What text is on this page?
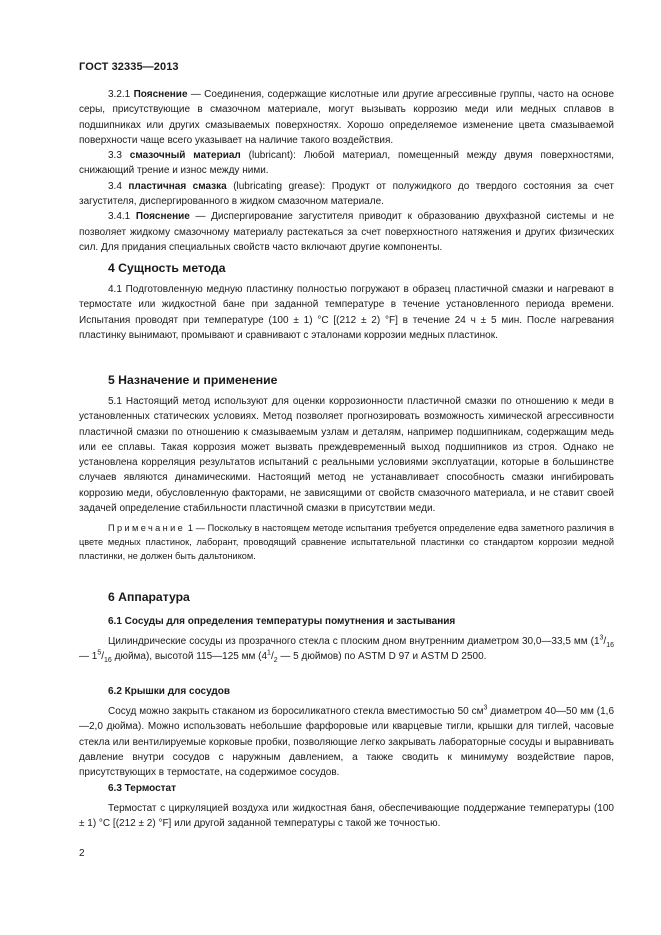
ГОСТ 32335—2013

3.2.1 Пояснение — Соединения, содержащие кислотные или другие агрессивные группы, часто на основе серы, присутствующие в смазочном материале, могут вызывать коррозию меди или медных сплавов в подшипниках или других смазываемых поверхностях. Хорошо определяемое изменение цвета смазываемой поверхности чаще всего указывает на наличие такого воздействия.

3.3 смазочный материал (lubricant): Любой материал, помещенный между двумя поверхностями, снижающий трение и износ между ними.

3.4 пластичная смазка (lubricating grease): Продукт от полужидкого до твердого состояния за счет загустителя, диспергированного в жидком смазочном материале.

3.4.1 Пояснение — Диспергирование загустителя приводит к образованию двухфазной системы и не позволяет жидкому смазочному материалу растекаться за счет поверхностного натяжения и других физических сил. Для придания специальных свойств часто включают другие компоненты.

4 Сущность метода

4.1 Подготовленную медную пластинку полностью погружают в образец пластичной смазки и нагревают в термостате или жидкостной бане при заданной температуре в течение установленного периода времени. Испытания проводят при температуре (100 ± 1) °С [(212 ± 2) °F] в течение 24 ч ± 5 мин. После нагревания пластинку вынимают, промывают и сравнивают с эталонами коррозии медных пластинок.

5 Назначение и применение

5.1 Настоящий метод используют для оценки коррозионности пластичной смазки по отношению к меди в установленных статических условиях. Метод позволяет прогнозировать возможность химической агрессивности пластичной смазки по отношению к смазываемым узлам и деталям, например подшипникам, содержащим медь или ее сплавы. Такая коррозия может вызвать преждевременный выход подшипников из строя. Однако не установлена корреляция результатов испытаний с реальными условиями эксплуатации, которые в большинстве случаев являются динамическими. Настоящий метод не устанавливает способность смазки ингибировать коррозию меди, обусловленную факторами, не зависящими от свойств смазочного материала, и не ставит своей задачей определение стабильности пластичной смазки в присутствии меди.

Примечание 1 — Поскольку в настоящем методе испытания требуется определение едва заметного различия в цвете медных пластинок, лаборант, проводящий сравнение испытательной пластинки со стандартом коррозии медной пластинки, не должен быть дальтоником.

6 Аппаратура
6.1 Сосуды для определения температуры помутнения и застывания

Цилиндрические сосуды из прозрачного стекла с плоским дном внутренним диаметром 30,0—33,5 мм ($1^3/_{16}$ — $1^5/_{16}$ дюйма), высотой 115—125 мм ($4^1/_2$ — 5 дюймов) по ASTM D 97 и ASTM D 2500.

6.2 Крышки для сосудов

Сосуд можно закрыть стаканом из боросиликатного стекла вместимостью 50 $см^3$ диаметром 40—50 мм (1,6—2,0 дюйма). Можно использовать небольшие фарфоровые или кварцевые тигли, крышки для тиглей, часовые стекла или вентилируемые корковые пробки, позволяющие легко закрывать лабораторные сосуды и выравнивать давление внутри сосудов с наружным давлением, а также сводить к минимуму воздействие паров, присутствующих в термостате, на содержимое сосудов.

6.3 Термостат

Термостат с циркуляцией воздуха или жидкостная баня, обеспечивающие поддержание температуры (100 ± 1) °С [(212 ± 2) °F] или другой заданной температуры с такой же точностью.

2
